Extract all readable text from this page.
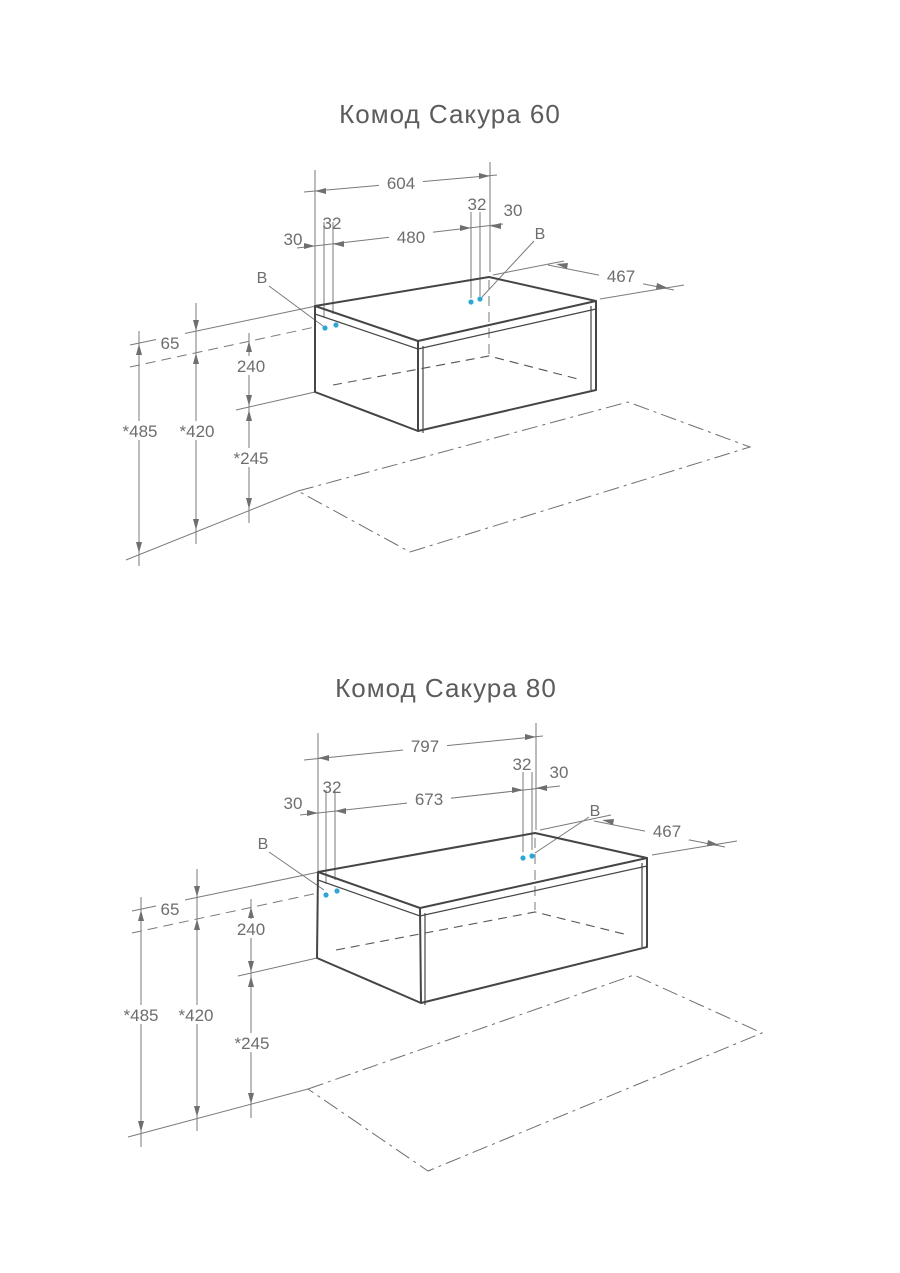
Комод Сакура 60
604
480
32
30
32 30
467
65
240
*485 *420
*245
B
B
Комод Сакура 80
797
673
32
30
32 30
467
65
240
*485 *420
*245
B
B
